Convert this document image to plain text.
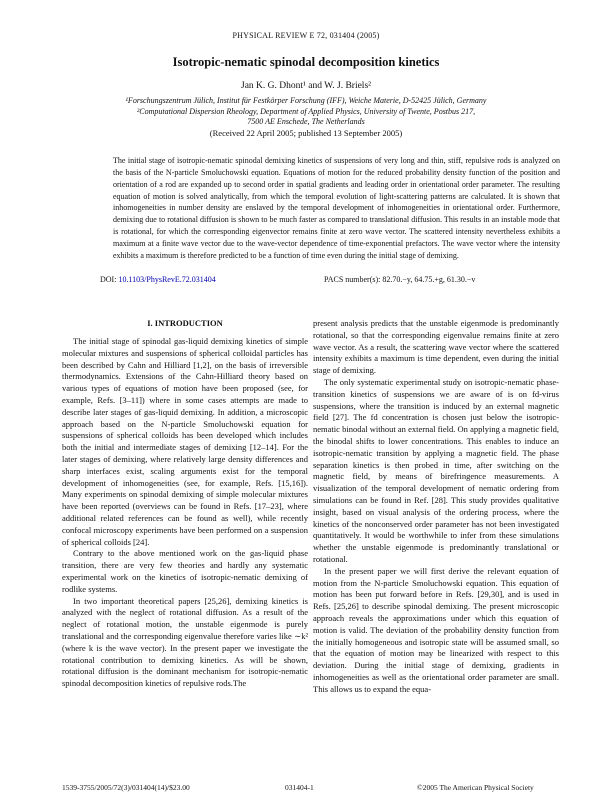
PHYSICAL REVIEW E 72, 031404 (2005)
Isotropic-nematic spinodal decomposition kinetics
Jan K. G. Dhont¹ and W. J. Briels²
¹Forschungszentrum Jülich, Institut für Festkörper Forschung (IFF), Weiche Materie, D-52425 Jülich, Germany
²Computational Dispersion Rheology, Department of Applied Physics, University of Twente, Postbus 217,
7500 AE Enschede, The Netherlands
(Received 22 April 2005; published 13 September 2005)
The initial stage of isotropic-nematic spinodal demixing kinetics of suspensions of very long and thin, stiff, repulsive rods is analyzed on the basis of the N-particle Smoluchowski equation. Equations of motion for the reduced probability density function of the position and orientation of a rod are expanded up to second order in spatial gradients and leading order in orientational order parameter. The resulting equation of motion is solved analytically, from which the temporal evolution of light-scattering patterns are calculated. It is shown that inhomogeneities in number density are enslaved by the temporal development of inhomogeneities in orientational order. Furthermore, demixing due to rotational diffusion is shown to be much faster as compared to translational diffusion. This results in an instable mode that is rotational, for which the corresponding eigenvector remains finite at zero wave vector. The scattered intensity nevertheless exhibits a maximum at a finite wave vector due to the wave-vector dependence of time-exponential prefactors. The wave vector where the intensity exhibits a maximum is therefore predicted to be a function of time even during the initial stage of demixing.
DOI: 10.1103/PhysRevE.72.031404	PACS number(s): 82.70.−y, 64.75.+g, 61.30.−v
I. INTRODUCTION

The initial stage of spinodal gas-liquid demixing kinetics of simple molecular mixtures and suspensions of spherical colloidal particles has been described by Cahn and Hilliard [1,2], on the basis of irreversible thermodynamics. Extensions of the Cahn-Hilliard theory based on various types of equations of motion have been proposed (see, for example, Refs. [3–11]) where in some cases attempts are made to describe later stages of gas-liquid demixing. In addition, a microscopic approach based on the N-particle Smoluchowski equation for suspensions of spherical colloids has been developed which includes both the initial and intermediate stages of demixing [12–14]. For the later stages of demixing, where relatively large density differences and sharp interfaces exist, scaling arguments exist for the temporal development of inhomogeneities (see, for example, Refs. [15,16]). Many experiments on spinodal demixing of simple molecular mixtures have been reported (overviews can be found in Refs. [17–23], where additional related references can be found as well), while recently confocal microscopy experiments have been performed on a suspension of spherical colloids [24].

Contrary to the above mentioned work on the gas-liquid phase transition, there are very few theories and hardly any systematic experimental work on the kinetics of isotropic-nematic demixing of rodlike systems.

In two important theoretical papers [25,26], demixing kinetics is analyzed with the neglect of rotational diffusion. As a result of the neglect of rotational motion, the unstable eigenmode is purely translational and the corresponding eigenvalue therefore varies like ∼k² (where k is the wave vector). In the present paper we investigate the rotational contribution to demixing kinetics. As will be shown, rotational diffusion is the dominant mechanism for isotropic-nematic spinodal decomposition kinetics of repulsive rods.The

present analysis predicts that the unstable eigenmode is predominantly rotational, so that the corresponding eigenvalue remains finite at zero wave vector. As a result, the scattering wave vector where the scattered intensity exhibits a maximum is time dependent, even during the initial stage of demixing.

The only systematic experimental study on isotropic-nematic phase-transition kinetics of suspensions we are aware of is on fd-virus suspensions, where the transition is induced by an external magnetic field [27]. The fd concentration is chosen just below the isotropic-nematic binodal without an external field. On applying a magnetic field, the binodal shifts to lower concentrations. This enables to induce an isotropic-nematic transition by applying a magnetic field. The phase separation kinetics is then probed in time, after switching on the magnetic field, by means of birefringence measurements. A visualization of the temporal development of nematic ordering from simulations can be found in Ref. [28]. This study provides qualitative insight, based on visual analysis of the ordering process, where the kinetics of the nonconserved order parameter has not been investigated quantitatively. It would be worthwhile to infer from these simulations whether the unstable eigenmode is predominantly translational or rotational.

In the present paper we will first derive the relevant equation of motion from the N-particle Smoluchowski equation. This equation of motion has been put forward before in Refs. [29,30], and is used in Refs. [25,26] to describe spinodal demixing. The present microscopic approach reveals the approximations under which this equation of motion is valid. The deviation of the probability density function from the initially homogeneous and isotropic state will be assumed small, so that the equation of motion may be linearized with respect to this deviation. During the initial stage of demixing, gradients in inhomogeneities as well as the orientational order parameter are small. This allows us to expand the equa-

1539-3755/2005/72(3)/031404(14)/$23.00	031404-1	©2005 The American Physical Society
